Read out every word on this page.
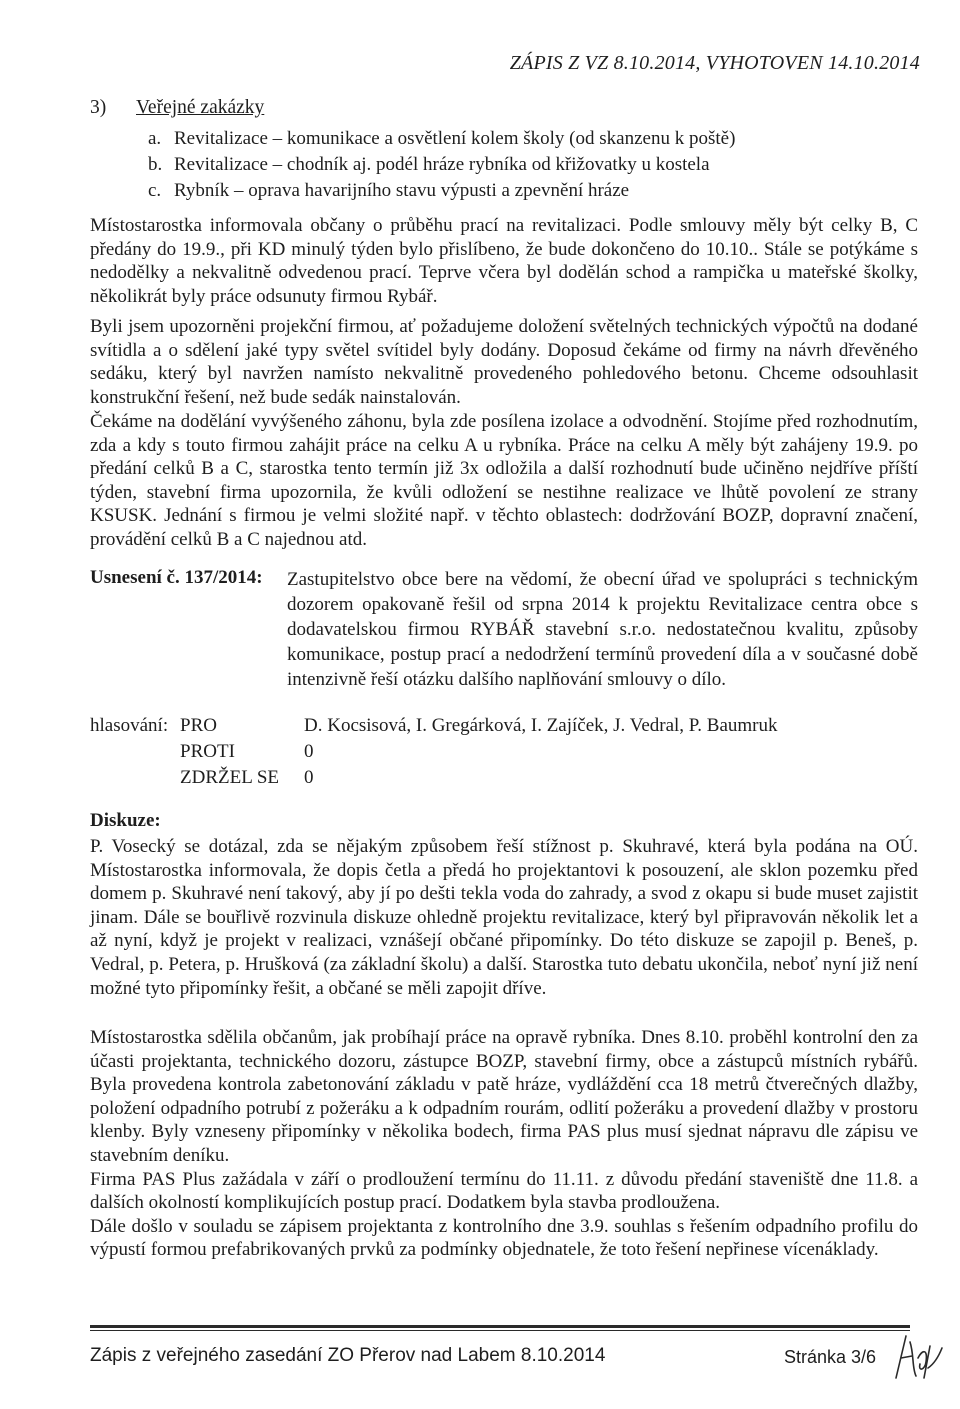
ZÁPIS Z VZ 8.10.2014, VYHOTOVEN 14.10.2014
3) Veřejné zakázky
a. Revitalizace – komunikace a osvětlení kolem školy (od skanzenu k poště)
b. Revitalizace – chodník aj. podél hráze rybníka od křižovatky u kostela
c. Rybník – oprava havarijního stavu výpusti a zpevnění hráze

Místostarostka informovala občany o průběhu prací na revitalizaci. Podle smlouvy měly být celky B, C předány do 19.9., při KD minulý týden bylo přislíbeno, že bude dokončeno do 10.10.. Stále se potýkáme s nedodělky a nekvalitně odvedenou prací. Teprve včera byl dodělán schod a rampička u mateřské školky, několikrát byly práce odsunuty firmou Rybář.

Byli jsem upozorněni projekční firmou, ať požadujeme doložení světelných technických výpočtů na dodané svítidla a o sdělení jaké typy světel svítidel byly dodány. Doposud čekáme od firmy na návrh dřevěného sedáku, který byl navržen namísto nekvalitně provedeného pohledového betonu. Chceme odsouhlasit konstrukční řešení, než bude sedák nainstalován.

Čekáme na dodělání vyvýšeného záhonu, byla zde posílena izolace a odvodnění. Stojíme před rozhodnutím, zda a kdy s touto firmou zahájit práce na celku A u rybníka. Práce na celku A měly být zahájeny 19.9. po předání celků B a C, starostka tento termín již 3x odložila a další rozhodnutí bude učiněno nejdříve příští týden, stavební firma upozornila, že kvůli odložení se nestihne realizace ve lhůtě povolení ze strany KSUSK. Jednání s firmou je velmi složité např. v těchto oblastech: dodržování BOZP, dopravní značení, provádění celků B a C najednou atd.

Usnesení č. 137/2014: Zastupitelstvo obce bere na vědomí, že obecní úřad ve spolupráci s technickým dozorem opakovaně řešil od srpna 2014 k projektu Revitalizace centra obce s dodavatelskou firmou RYBÁŘ stavební s.r.o. nedostatečnou kvalitu, způsoby komunikace, postup prací a nedodržení termínů provedení díla a v současné době intenzivně řeší otázku dalšího naplňování smlouvy o dílo.

hlasování: PRO	D. Kocsisová, I. Gregárková, I. Zajíček, J. Vedral, P. Baumruk
PROTI	0
ZDRŽEL SE 0
Diskuze:
P. Vosecký se dotázal, zda se nějakým způsobem řeší stížnost p. Skuhravé, která byla podána na OÚ. Místostarostka informovala, že dopis četla a předá ho projektantovi k posouzení, ale sklon pozemku před domem p. Skuhravé není takový, aby jí po dešti tekla voda do zahrady, a svod z okapu si bude muset zajistit jinam. Dále se bouřlivě rozvinula diskuze ohledně projektu revitalizace, který byl připravován několik let a až nyní, když je projekt v realizaci, vznášejí občané připomínky. Do této diskuze se zapojil p. Beneš, p. Vedral, p. Petera, p. Hrušková (za základní školu) a další. Starostka tuto debatu ukončila, neboť nyní již není možné tyto připomínky řešit, a občané se měli zapojit dříve.
Místostarostka sdělila občanům, jak probíhají práce na opravě rybníka. Dnes 8.10. proběhl kontrolní den za účasti projektanta, technického dozoru, zástupce BOZP, stavební firmy, obce a zástupců místních rybářů. Byla provedena kontrola zabetonování základu v patě hráze, vydláždění cca 18 metrů čtverečných dlažby, položení odpadního potrubí z požeráku a k odpadním rourám, odlití požeráku a provedení dlažby v prostoru klenby. Byly vzneseny připomínky v několika bodech, firma PAS plus musí sjednat nápravu dle zápisu ve stavebním deníku.
Firma PAS Plus zažádala v září o prodloužení termínu do 11.11. z důvodu předání staveniště dne 11.8. a dalších okolností komplikujících postup prací. Dodatkem byla stavba prodloužena.
Dále došlo v souladu se zápisem projektanta z kontrolního dne 3.9. souhlas s řešením odpadního profilu do výpustí formou prefabrikovaných prvků za podmínky objednatele, že toto řešení nepřinese vícenáklady.
Zápis z veřejného zasedání ZO Přerov nad Labem 8.10.2014	Stránka 3/6
